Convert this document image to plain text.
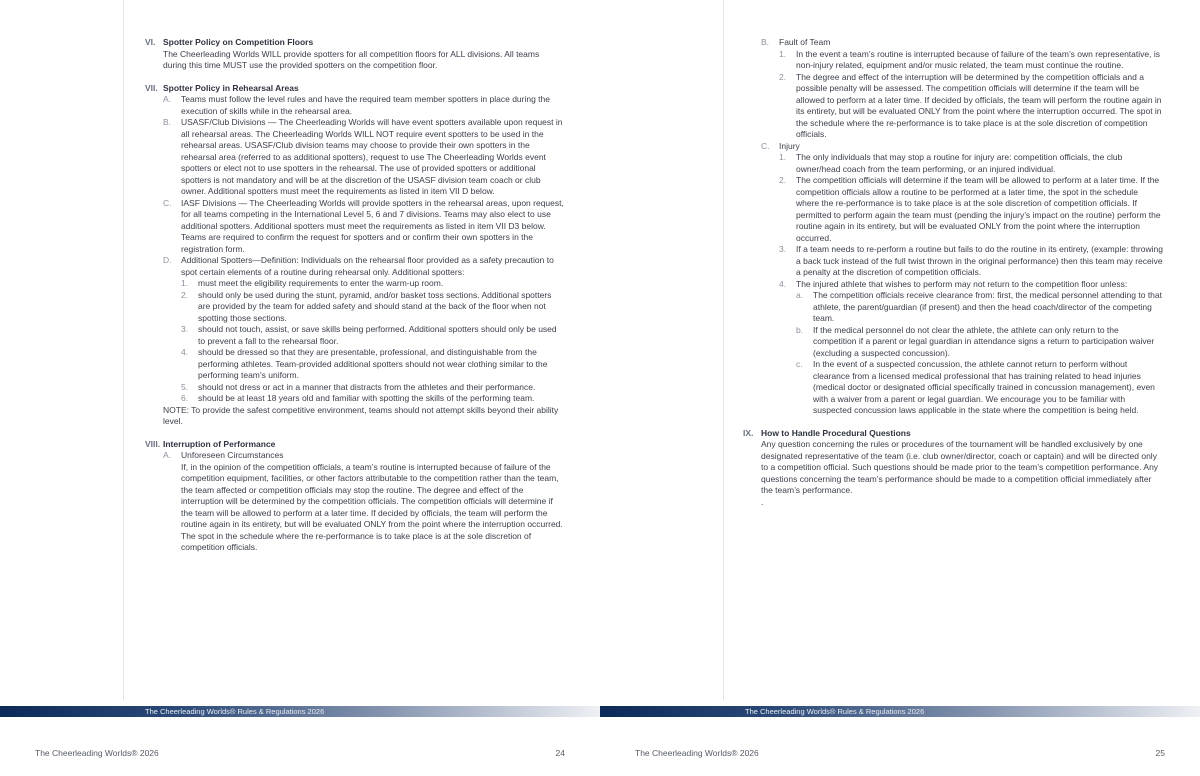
VI. Spotter Policy on Competition Floors
The Cheerleading Worlds WILL provide spotters for all competition floors for ALL divisions. All teams during this time MUST use the provided spotters on the competition floor.
VII. Spotter Policy in Rehearsal Areas
A. Teams must follow the level rules and have the required team member spotters in place during the execution of skills while in the rehearsal area.
B. USASF/Club Divisions — The Cheerleading Worlds will have event spotters available upon request in all rehearsal areas. The Cheerleading Worlds WILL NOT require event spotters to be used in the rehearsal areas. USASF/Club division teams may choose to provide their own spotters in the rehearsal area (referred to as additional spotters), request to use The Cheerleading Worlds event spotters or elect not to use spotters in the rehearsal. The use of provided spotters or additional spotters is not mandatory and will be at the discretion of the USASF division team coach or club owner. Additional spotters must meet the requirements as listed in item VII D below.
C. IASF Divisions — The Cheerleading Worlds will provide spotters in the rehearsal areas, upon request, for all teams competing in the International Level 5, 6 and 7 divisions. Teams may also elect to use additional spotters. Additional spotters must meet the requirements as listed in item VII D3 below. Teams are required to confirm the request for spotters and or confirm their own spotters in the registration form.
D. Additional Spotters—Definition: Individuals on the rehearsal floor provided as a safety precaution to spot certain elements of a routine during rehearsal only. Additional spotters:
1. must meet the eligibility requirements to enter the warm-up room.
2. should only be used during the stunt, pyramid, and/or basket toss sections. Additional spotters are provided by the team for added safety and should stand at the back of the floor when not spotting those sections.
3. should not touch, assist, or save skills being performed. Additional spotters should only be used to prevent a fall to the rehearsal floor.
4. should be dressed so that they are presentable, professional, and distinguishable from the performing athletes. Team-provided additional spotters should not wear clothing similar to the performing team’s uniform.
5. should not dress or act in a manner that distracts from the athletes and their performance.
6. should be at least 18 years old and familiar with spotting the skills of the performing team.
NOTE: To provide the safest competitive environment, teams should not attempt skills beyond their ability level.
VIII. Interruption of Performance
A. Unforeseen Circumstances
If, in the opinion of the competition officials, a team’s routine is interrupted because of failure of the competition equipment, facilities, or other factors attributable to the competition rather than the team, the team affected or competition officials may stop the routine. The degree and effect of the interruption will be determined by the competition officials. The competition officials will determine if the team will be allowed to perform at a later time. If decided by officials, the team will perform the routine again in its entirety, but will be evaluated ONLY from the point where the interruption occurred. The spot in the schedule where the re-performance is to take place is at the sole discretion of competition officials.
The Cheerleading Worlds® Rules & Regulations 2026
The Cheerleading Worlds® 2026	24
B. Fault of Team
1. In the event a team’s routine is interrupted because of failure of the team’s own representative, is non-injury related, equipment and/or music related, the team must continue the routine.
2. The degree and effect of the interruption will be determined by the competition officials and a possible penalty will be assessed. The competition officials will determine if the team will be allowed to perform at a later time. If decided by officials, the team will perform the routine again in its entirety, but will be evaluated ONLY from the point where the interruption occurred. The spot in the schedule where the re-performance is to take place is at the sole discretion of competition officials.
C. Injury
1. The only individuals that may stop a routine for injury are: competition officials, the club owner/head coach from the team performing, or an injured individual.
2. The competition officials will determine if the team will be allowed to perform at a later time. If the competition officials allow a routine to be performed at a later time, the spot in the schedule where the re-performance is to take place is at the sole discretion of competition officials. If permitted to perform again the team must (pending the injury’s impact on the routine) perform the routine again in its entirety, but will be evaluated ONLY from the point where the interruption occurred.
3. If a team needs to re-perform a routine but fails to do the routine in its entirety, (example: throwing a back tuck instead of the full twist thrown in the original performance) then this team may receive a penalty at the discretion of competition officials.
4. The injured athlete that wishes to perform may not return to the competition floor unless:
a. The competition officials receive clearance from: first, the medical personnel attending to that athlete, the parent/guardian (if present) and then the head coach/director of the competing team.
b. If the medical personnel do not clear the athlete, the athlete can only return to the competition if a parent or legal guardian in attendance signs a return to participation waiver (excluding a suspected concussion).
c. In the event of a suspected concussion, the athlete cannot return to perform without clearance from a licensed medical professional that has training related to head injuries (medical doctor or designated official specifically trained in concussion management), even with a waiver from a parent or legal guardian. We encourage you to be familiar with suspected concussion laws applicable in the state where the competition is being held.
IX. How to Handle Procedural Questions
Any question concerning the rules or procedures of the tournament will be handled exclusively by one designated representative of the team (i.e. club owner/director, coach or captain) and will be directed only to a competition official. Such questions should be made prior to the team’s competition performance. Any questions concerning the team’s performance should be made to a competition official immediately after the team’s performance.
.
The Cheerleading Worlds® Rules & Regulations 2026
The Cheerleading Worlds® 2026	25
